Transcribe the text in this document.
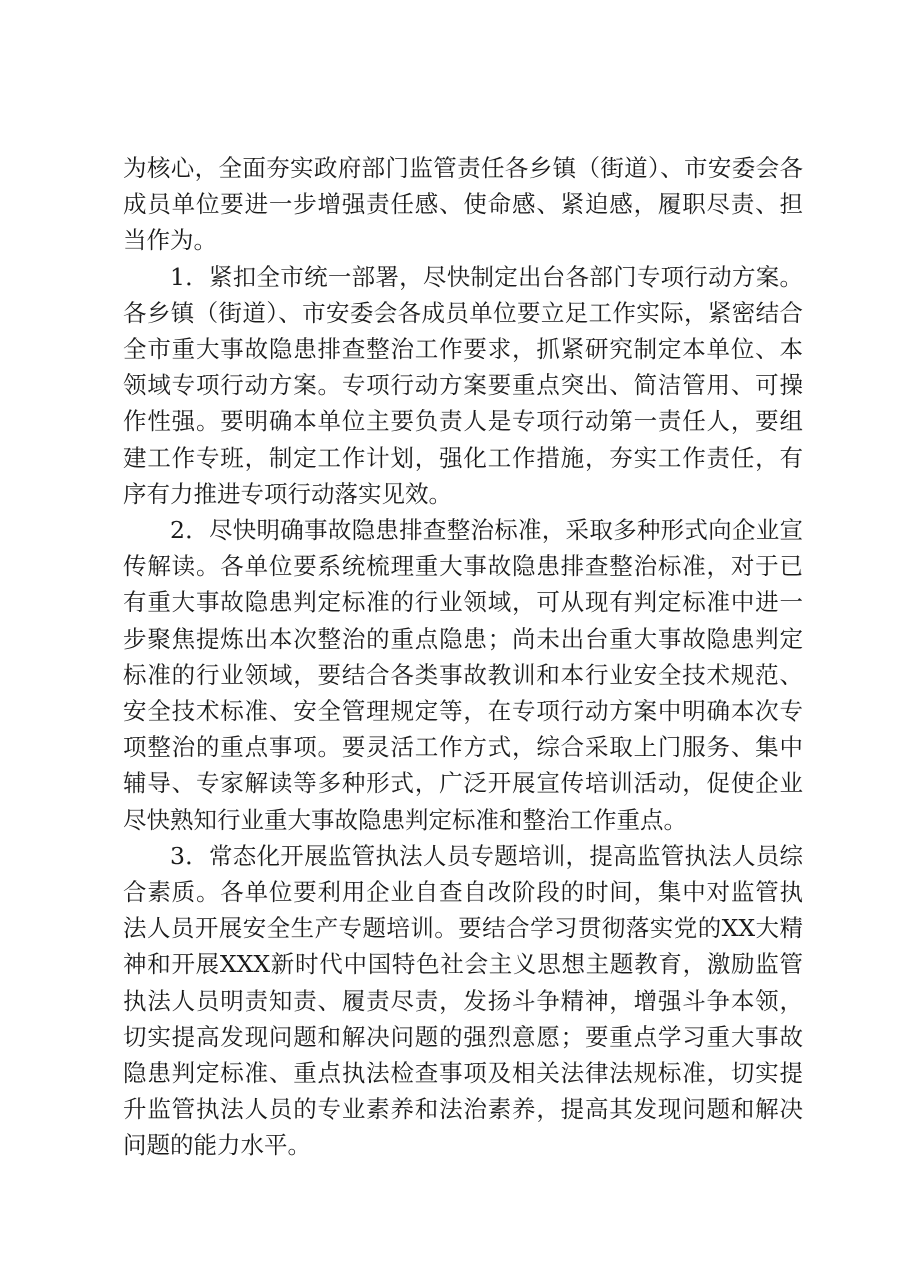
为核心，全面夯实政府部门监管责任各乡镇（街道）、市安委会各成员单位要进一步增强责任感、使命感、紧迫感，履职尽责、担当作为。

1．紧扣全市统一部署，尽快制定出台各部门专项行动方案。各乡镇（街道）、市安委会各成员单位要立足工作实际，紧密结合全市重大事故隐患排查整治工作要求，抓紧研究制定本单位、本领域专项行动方案。专项行动方案要重点突出、简洁管用、可操作性强。要明确本单位主要负责人是专项行动第一责任人，要组建工作专班，制定工作计划，强化工作措施，夯实工作责任，有序有力推进专项行动落实见效。

2．尽快明确事故隐患排查整治标准，采取多种形式向企业宣传解读。各单位要系统梳理重大事故隐患排查整治标准，对于已有重大事故隐患判定标准的行业领域，可从现有判定标准中进一步聚焦提炼出本次整治的重点隐患；尚未出台重大事故隐患判定标准的行业领域，要结合各类事故教训和本行业安全技术规范、安全技术标准、安全管理规定等，在专项行动方案中明确本次专项整治的重点事项。要灵活工作方式，综合采取上门服务、集中辅导、专家解读等多种形式，广泛开展宣传培训活动，促使企业尽快熟知行业重大事故隐患判定标准和整治工作重点。

3．常态化开展监管执法人员专题培训，提高监管执法人员综合素质。各单位要利用企业自查自改阶段的时间，集中对监管执法人员开展安全生产专题培训。要结合学习贯彻落实党的XX大精神和开展XXX新时代中国特色社会主义思想主题教育，激励监管执法人员明责知责、履责尽责，发扬斗争精神，增强斗争本领，切实提高发现问题和解决问题的强烈意愿；要重点学习重大事故隐患判定标准、重点执法检查事项及相关法律法规标准，切实提升监管执法人员的专业素养和法治素养，提高其发现问题和解决问题的能力水平。
